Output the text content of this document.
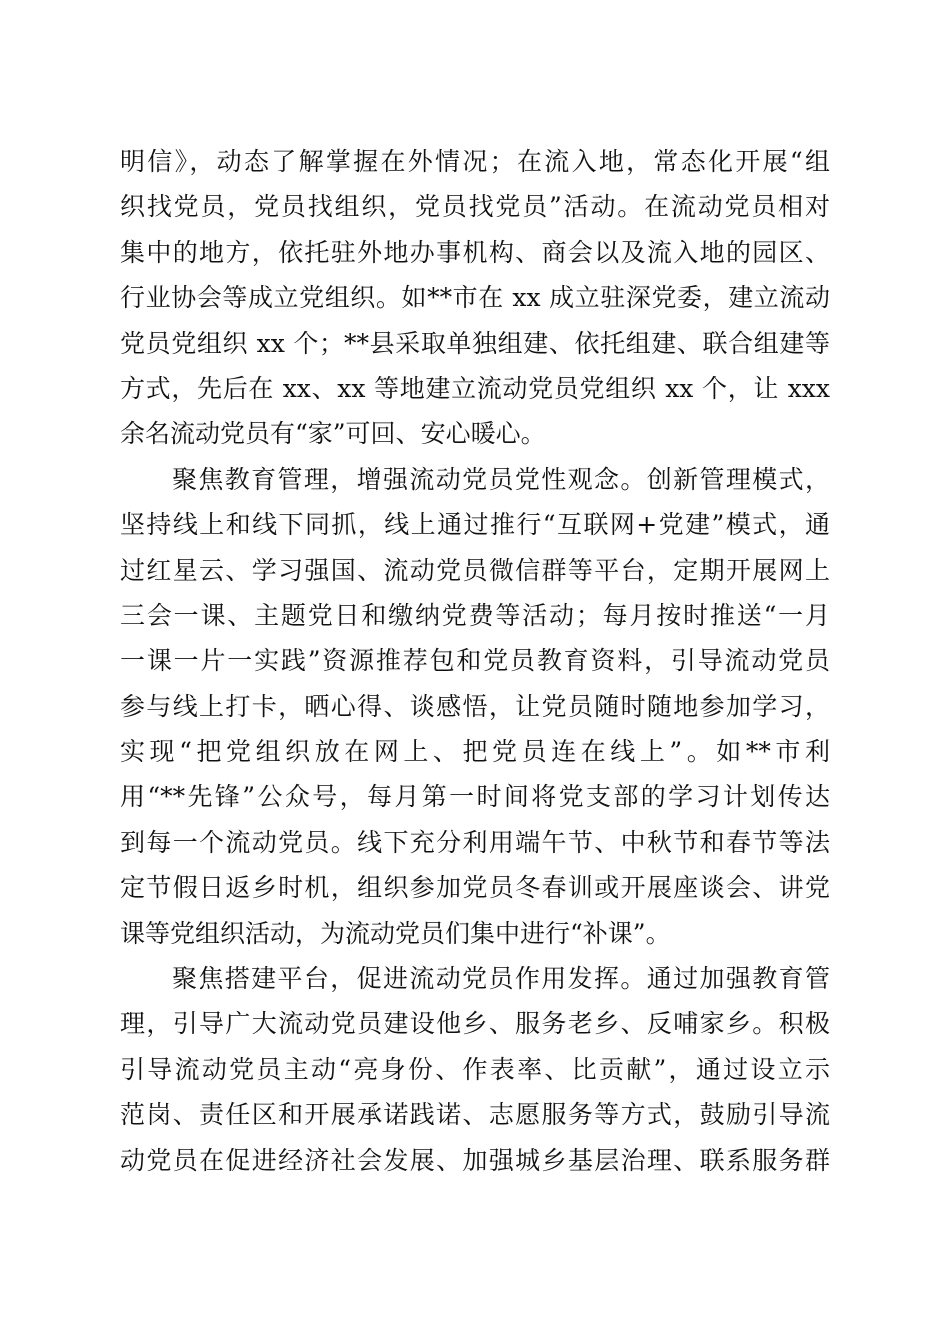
明信》，动态了解掌握在外情况；在流入地，常态化开展“组
织找党员，党员找组织，党员找党员”活动。在流动党员相对
集中的地方，依托驻外地办事机构、商会以及流入地的园区、
行业协会等成立党组织。如**市在 xx 成立驻深党委，建立流动
党员党组织 xx 个；**县采取单独组建、依托组建、联合组建等
方式，先后在 xx、xx 等地建立流动党员党组织 xx 个，让 xxx
余名流动党员有“家”可回、安心暖心。
聚焦教育管理，增强流动党员党性观念。创新管理模式，
坚持线上和线下同抓，线上通过推行“互联网+党建”模式，通
过红星云、学习强国、流动党员微信群等平台，定期开展网上
三会一课、主题党日和缴纳党费等活动；每月按时推送“一月
一课一片一实践”资源推荐包和党员教育资料，引导流动党员
参与线上打卡，晒心得、谈感悟，让党员随时随地参加学习，
实现“把党组织放在网上、把党员连在线上”。如**市利
用“**先锋”公众号，每月第一时间将党支部的学习计划传达
到每一个流动党员。线下充分利用端午节、中秋节和春节等法
定节假日返乡时机，组织参加党员冬春训或开展座谈会、讲党
课等党组织活动，为流动党员们集中进行“补课”。
聚焦搭建平台，促进流动党员作用发挥。通过加强教育管
理，引导广大流动党员建设他乡、服务老乡、反哺家乡。积极
引导流动党员主动“亮身份、作表率、比贡献”，通过设立示
范岗、责任区和开展承诺践诺、志愿服务等方式，鼓励引导流
动党员在促进经济社会发展、加强城乡基层治理、联系服务群
